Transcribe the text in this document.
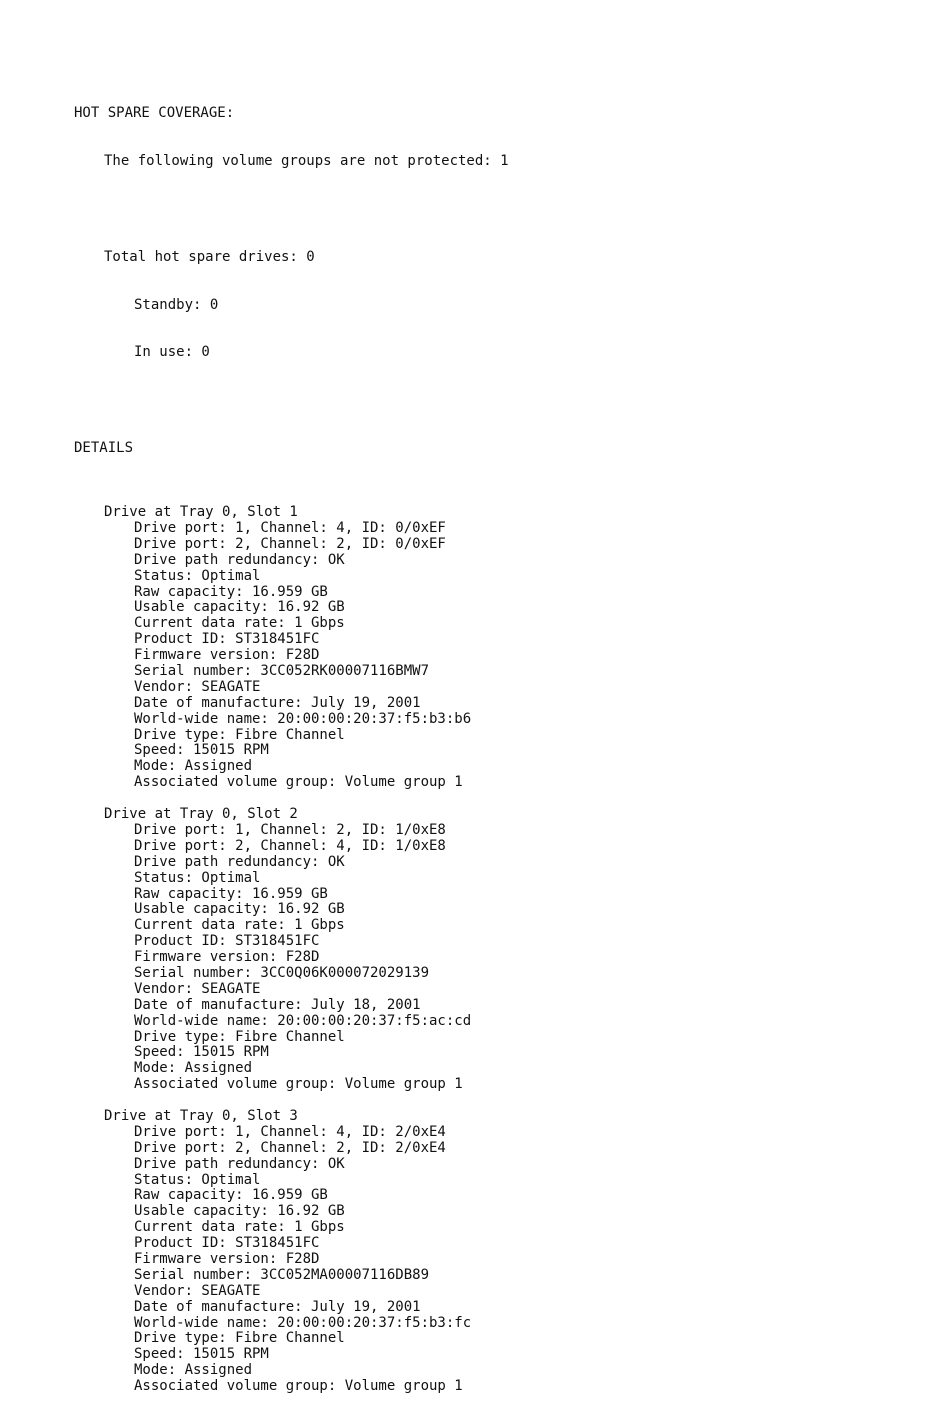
HOT SPARE COVERAGE:

The following volume groups are not protected: 1

Total hot spare drives: 0

Standby: 0

In use: 0

DETAILS

Drive at Tray 0, Slot 1
Drive port: 1, Channel: 4, ID: 0/0xEF
Drive port: 2, Channel: 2, ID: 0/0xEF
Drive path redundancy: OK
Status: Optimal
Raw capacity: 16.959 GB
Usable capacity: 16.92 GB
Current data rate: 1 Gbps
Product ID: ST318451FC
Firmware version: F28D
Serial number: 3CC052RK00007116BMW7
Vendor: SEAGATE
Date of manufacture: July 19, 2001
World-wide name: 20:00:00:20:37:f5:b3:b6
Drive type: Fibre Channel
Speed: 15015 RPM
Mode: Assigned
Associated volume group: Volume group 1
Drive at Tray 0, Slot 2
Drive port: 1, Channel: 2, ID: 1/0xE8
Drive port: 2, Channel: 4, ID: 1/0xE8
Drive path redundancy: OK
Status: Optimal
Raw capacity: 16.959 GB
Usable capacity: 16.92 GB
Current data rate: 1 Gbps
Product ID: ST318451FC
Firmware version: F28D
Serial number: 3CC0Q06K000072029139
Vendor: SEAGATE
Date of manufacture: July 18, 2001
World-wide name: 20:00:00:20:37:f5:ac:cd
Drive type: Fibre Channel
Speed: 15015 RPM
Mode: Assigned
Associated volume group: Volume group 1
Drive at Tray 0, Slot 3
Drive port: 1, Channel: 4, ID: 2/0xE4
Drive port: 2, Channel: 2, ID: 2/0xE4
Drive path redundancy: OK
Status: Optimal
Raw capacity: 16.959 GB
Usable capacity: 16.92 GB
Current data rate: 1 Gbps
Product ID: ST318451FC
Firmware version: F28D
Serial number: 3CC052MA00007116DB89
Vendor: SEAGATE
Date of manufacture: July 19, 2001
World-wide name: 20:00:00:20:37:f5:b3:fc
Drive type: Fibre Channel
Speed: 15015 RPM
Mode: Assigned
Associated volume group: Volume group 1
